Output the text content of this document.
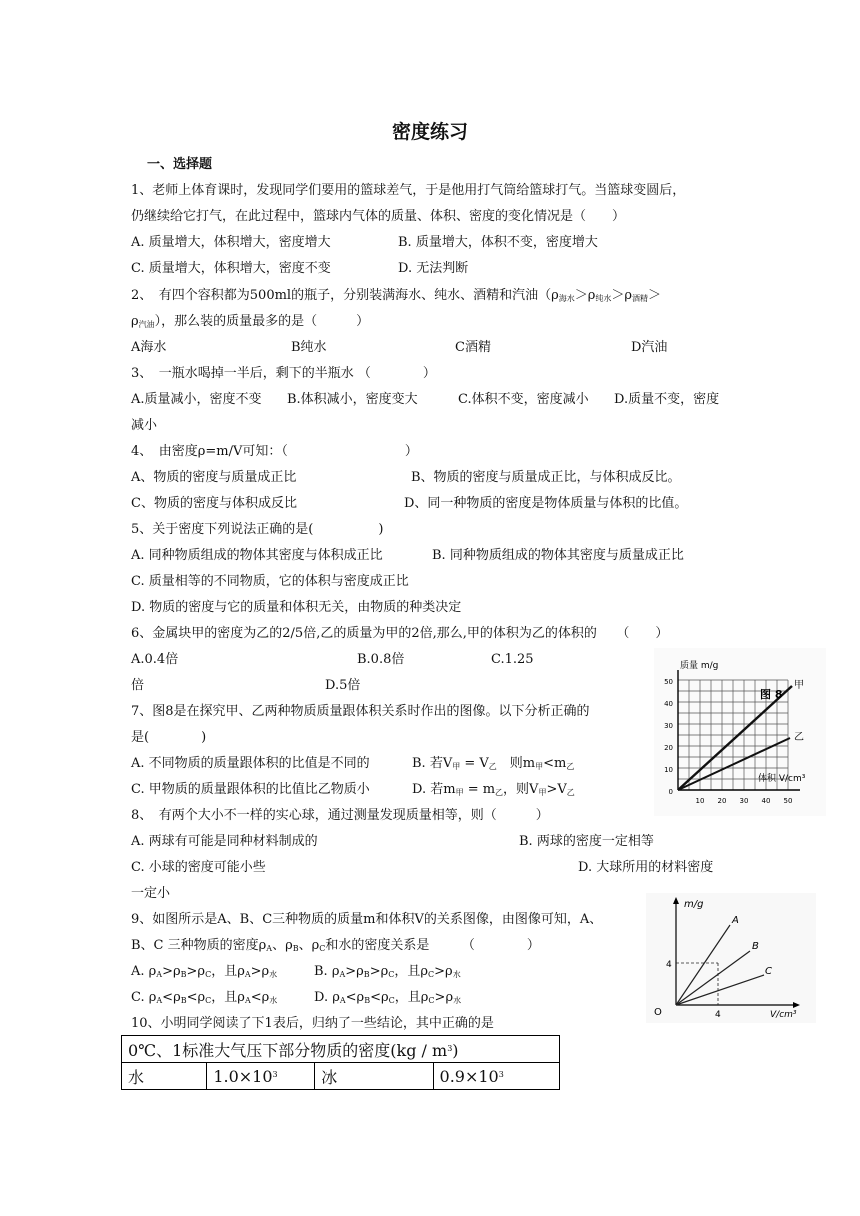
密度练习
一、选择题
1、老师上体育课时，发现同学们要用的篮球差气，于是他用打气筒给篮球打气。当篮球变圆后，
仍继续给它打气，在此过程中，篮球内气体的质量、体积、密度的变化情况是（　　）
A. 质量增大，体积增大，密度增大	B. 质量增大，体积不变，密度增大
C. 质量增大，体积增大，密度不变	D. 无法判断
2、　有四个容积都为500ml的瓶子，分别装满海水、纯水、酒精和汽油（$\rho_{海水}>\rho_{纯水}>\rho_{酒精}>$
$\rho_{汽油}$），那么装的质量最多的是（　　　）
A海水	B纯水	C酒精	D汽油
3、　一瓶水喝掉一半后，剩下的半瓶水 （　　　　）
A.质量减小，密度不变 B.体积减小，密度变大	C.体积不变，密度减小 D.质量不变，密度
减小
4、　由密度ρ=m/V可知：（　　　　　　　　　）
A、物质的密度与质量成正比	B、物质的密度与质量成正比，与体积成反比。
C、物质的密度与体积成反比	D、同一种物质的密度是物体质量与体积的比值。
5、关于密度下列说法正确的是(　　　　　)
A. 同种物质组成的物体其密度与体积成正比	B. 同种物质组成的物体其密度与质量成正比
C. 质量相等的不同物质，它的体积与密度成正比
D. 物质的密度与它的质量和体积无关，由物质的种类决定
6、金属块甲的密度为乙的2/5倍,乙的质量为甲的2倍,那么,甲的体积为乙的体积的　　（　　）
A.0.4倍	B.0.8倍	C.1.25
倍	D.5倍
7、图8是在探究甲、乙两种物质质量跟体积关系时作出的图像。以下分析正确的
是(　　　　)
A. 不同物质的质量跟体积的比值是不同的	B. 若$V_甲 = V_乙$　则$m_甲<m_乙$
C. 甲物质的质量跟体积的比值比乙物质小	D. 若$m_甲 = m_乙$，则$V_甲>V_乙$
8、　有两个大小不一样的实心球，通过测量发现质量相等，则（　　　）
A. 两球有可能是同种材料制成的	B. 两球的密度一定相等
C. 小球的密度可能小些	D. 大球所用的材料密度
一定小
9、如图所示是A、B、C三种物质的质量m和体积V的关系图像，由图像可知，A、
B、C 三种物质的密度$\rho_A$、$\rho_B$、$\rho_C$和水的密度关系是　　　（　　　　）
A. $\rho_A>\rho_B>\rho_C$，且$\rho_A>\rho_水$	B. $\rho_A>\rho_B>\rho_C$，且$\rho_C>\rho_水$
C. $\rho_A<\rho_B<\rho_C$，且$\rho_A<\rho_水$	D. $\rho_A<\rho_B<\rho_C$，且$\rho_C>\rho_水$
10、小明同学阅读了下1表后，归纳了一些结论，其中正确的是
0℃、1标准大气压下部分物质的密度$(kg / m^3)$
水	$1.0\times 10^3$	冰	$0.9\times 10^3$
质量 m/g
体积 V/cm³
图 8
甲
乙
50
40
30
20
10
0
10 20 30 40 50
m/g
V/cm³
O
4
4
A
B
C
